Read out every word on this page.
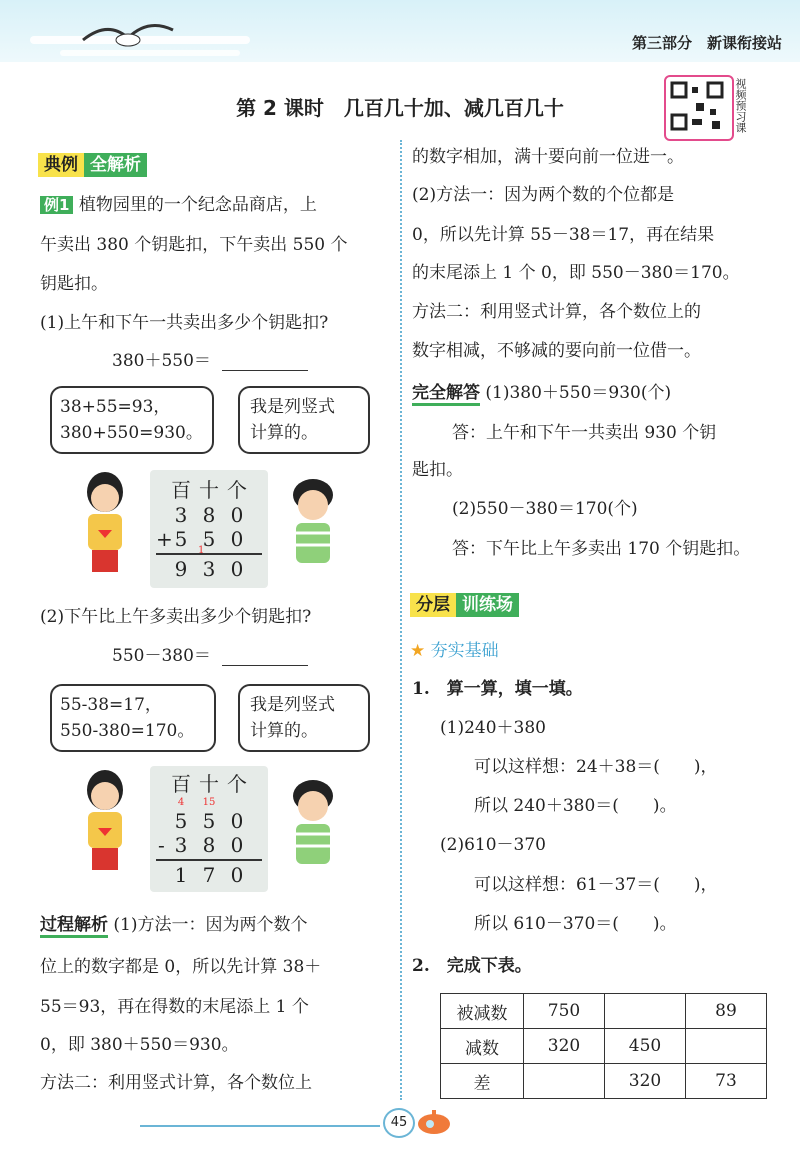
第三部分　新课衔接站
视频预习课
第 2 课时　几百几十加、减几百几十
典例 全解析
例1 植物园里的一个纪念品商店，上
午卖出 380 个钥匙扣，下午卖出 550 个
钥匙扣。
(1)上午和下午一共卖出多少个钥匙扣?
380＋550＝
38+55=93，
380+550=930。
我是列竖式
计算的。
百 十 个
3 8 0
+ 5 5 0
1
9 3 0
(2)下午比上午多卖出多少个钥匙扣?
550－380＝
55-38=17，
550-380=170。
我是列竖式
计算的。
百 十 个
4	15
5 5 0
- 3 8 0
1 7 0
过程解析 (1)方法一：因为两个数个
位上的数字都是 0，所以先计算 38＋
55＝93，再在得数的末尾添上 1 个
0，即 380＋550＝930。
方法二：利用竖式计算，各个数位上
的数字相加，满十要向前一位进一。
(2)方法一：因为两个数的个位都是
0，所以先计算 55－38＝17，再在结果
的末尾添上 1 个 0，即 550－380＝170。
方法二：利用竖式计算，各个数位上的
数字相减，不够减的要向前一位借一。
完全解答 (1)380＋550＝930(个)
答：上午和下午一共卖出 930 个钥
匙扣。
(2)550－380＝170(个)
答：下午比上午多卖出 170 个钥匙扣。
分层 训练场
★ 夯实基础
1.　算一算，填一填。
(1)240＋380
可以这样想：24＋38＝(　　)，
所以 240＋380＝(　　)。
(2)610－370
可以这样想：61－37＝(　　)，
所以 610－370＝(　　)。
2.　完成下表。
被减数	750		89
减数	320	450	
差		320	73
45
